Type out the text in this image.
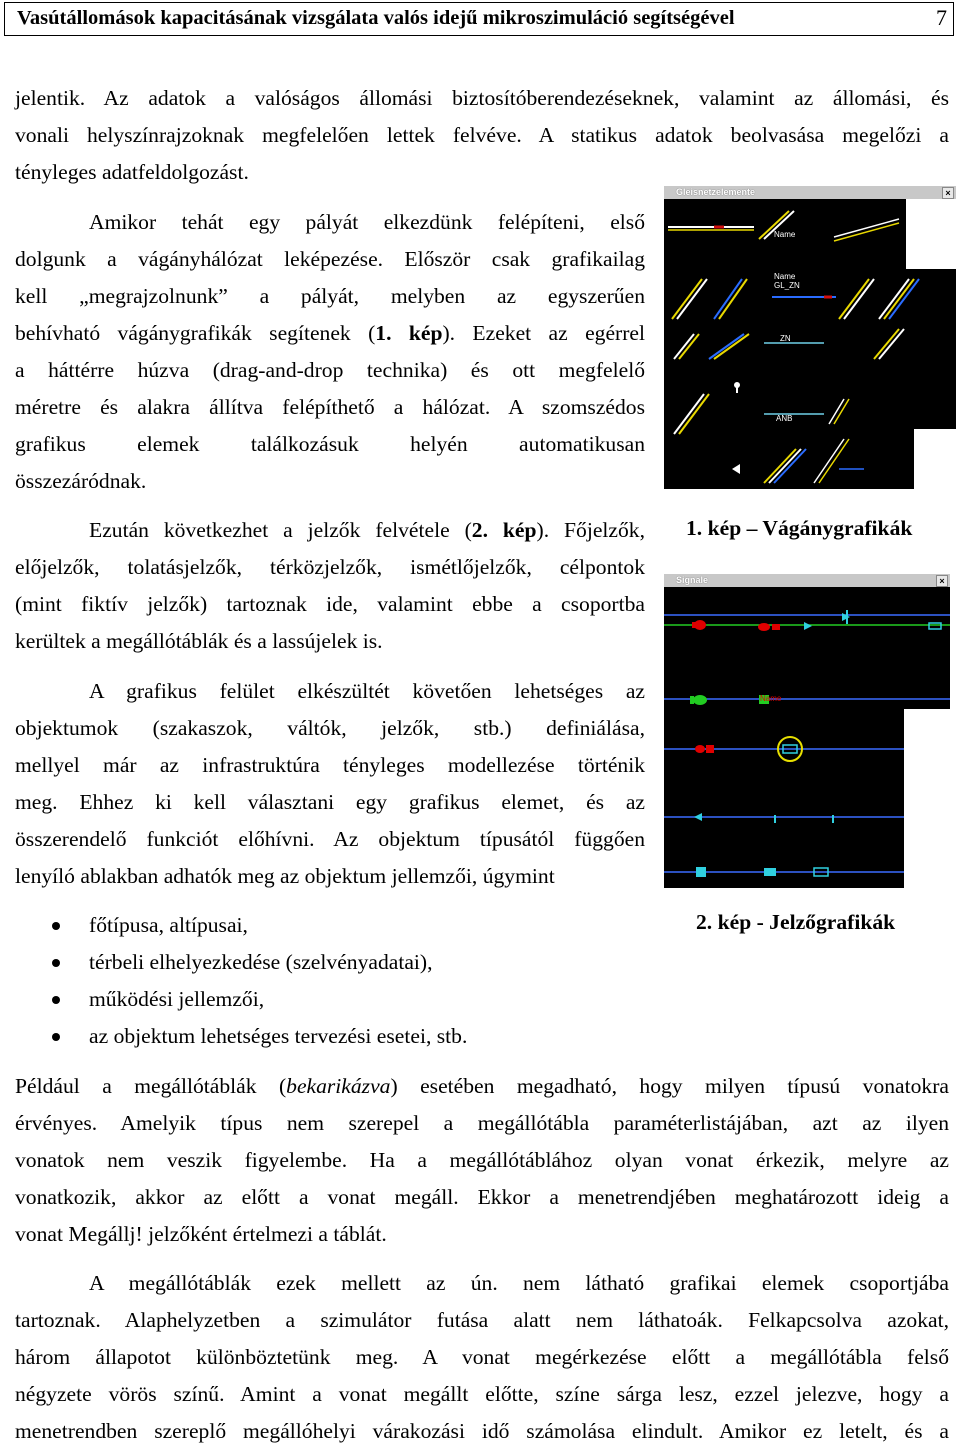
Vasútállomások kapacitásának vizsgálata valós idejű mikroszimuláció segítségével	7

jelentik. Az adatok a valóságos állomási biztosítóberendezéseknek, valamint az állomási, és

vonali helyszínrajzoknak megfelelően lettek felvéve. A statikus adatok beolvasása megelőzi a

tényleges adatfeldolgozást.

Amikor tehát egy pályát elkezdünk felépíteni, első

dolgunk a vágányhálózat leképezése. Először csak grafikailag

kell „megrajzolnunk” a pályát, melyben az egyszerűen

behívható vágánygrafikák segítenek (1. kép). Ezeket az egérrel

a háttérre húzva (drag-and-drop technika) és ott megfelelő

méretre és alakra állítva felépíthető a hálózat. A szomszédos

grafikus elemek találkozásuk helyén automatikusan

összezáródnak.

Ezután következhet a jelzők felvétele (2. kép). Főjelzők,

előjelzők, tolatásjelzők, térközjelzők, ismétlőjelzők, célpontok

(mint fiktív jelzők) tartoznak ide, valamint ebbe a csoportba

kerültek a megállótáblák és a lassújelek is.

A grafikus felület elkészültét követően lehetséges az

objektumok (szakaszok, váltók, jelzők, stb.) definiálása,

mellyel már az infrastruktúra tényleges modellezése történik

meg. Ehhez ki kell választani egy grafikus elemet, és az

összerendelő funkciót előhívni. Az objektum típusától függően

lenyíló ablakban adhatók meg az objektum jellemzői, úgymint

főtípusa, altípusai,
térbeli elhelyezkedése (szelvényadatai),
működési jellemzői,
az objektum lehetséges tervezési esetei, stb.

Például a megállótáblák (bekarikázva) esetében megadható, hogy milyen típusú vonatokra

érvényes. Amelyik típus nem szerepel a megállótábla paraméterlistájában, azt az ilyen

vonatok nem veszik figyelembe. Ha a megállótáblához olyan vonat érkezik, melyre az

vonatkozik, akkor az előtt a vonat megáll. Ekkor a menetrendjében meghatározott ideig a

vonat Megállj! jelzőként értelmezi a táblát.

A megállótáblák ezek mellett az ún. nem látható grafikai elemek csoportjába

tartoznak. Alaphelyzetben a szimulátor futása alatt nem láthatoák. Felkapcsolva azokat,

három állapotot különböztetünk meg. A vonat megérkezése előtt a megállótábla felső

négyzete vörös színű. Amint a vonat megállt előtte, színe sárga lesz, ezzel jelezve, hogy a

menetrendben szereplő megállóhelyi várakozási idő számolása elindult. Amikor ez letelt, és a

Gleisnetzelemente	×
Name
Name
GL_ZN
ZN
ANB
1. kép – Vágánygrafikák
Signale	×
Name
2. kép - Jelzőgrafikák
